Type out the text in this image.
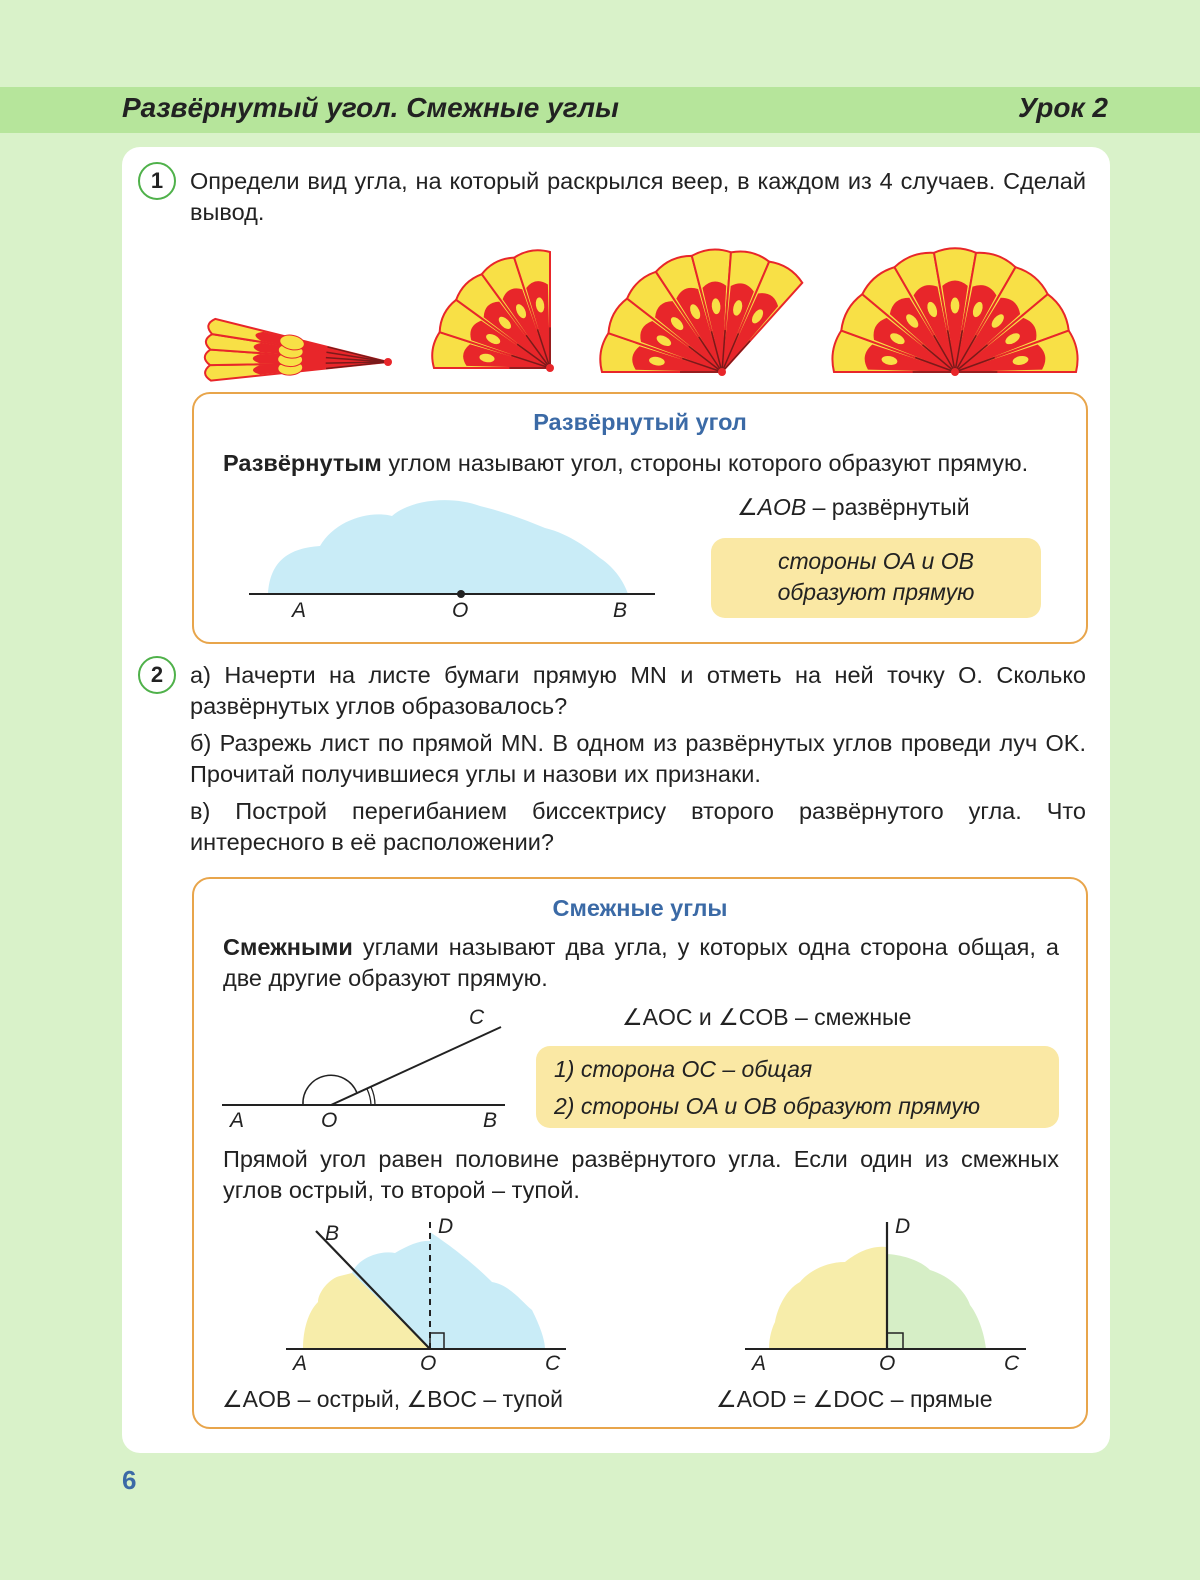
Развёрнутый угол. Смежные углы	Урок 2
1	Определи вид угла, на который раскрылся веер, в каждом из 4 случаев. Сделай вывод.
Развёрнутый угол
Развёрнутым углом называют угол, стороны которого образуют прямую.
∠AOB – развёрнутый
стороны OA и OB
образуют прямую
A	O	B
2	а) Начерти на листе бумаги прямую MN и отметь на ней точку O. Сколько развёрнутых углов образовалось?

б) Разрежь лист по прямой MN. В одном из развёрнутых углов проведи луч OK. Прочитай получившиеся углы и назови их признаки.

в) Построй перегибанием биссектрису второго развёрнутого угла. Что интересного в её расположении?

Смежные углы
Смежными углами называют два угла, у которых одна сторона общая, а две другие образуют прямую.
Прямой угол равен половине развёрнутого угла. Если один из смежных углов острый, то второй – тупой.
∠AOC и ∠COB – смежные
1) сторона OC – общая
2) стороны OA и OB образуют прямую
A	O	B
C
B	D
A	O	C
∠AOB – острый, ∠BOC – тупой
D
A	O	C
∠AOD = ∠DOC – прямые
6
